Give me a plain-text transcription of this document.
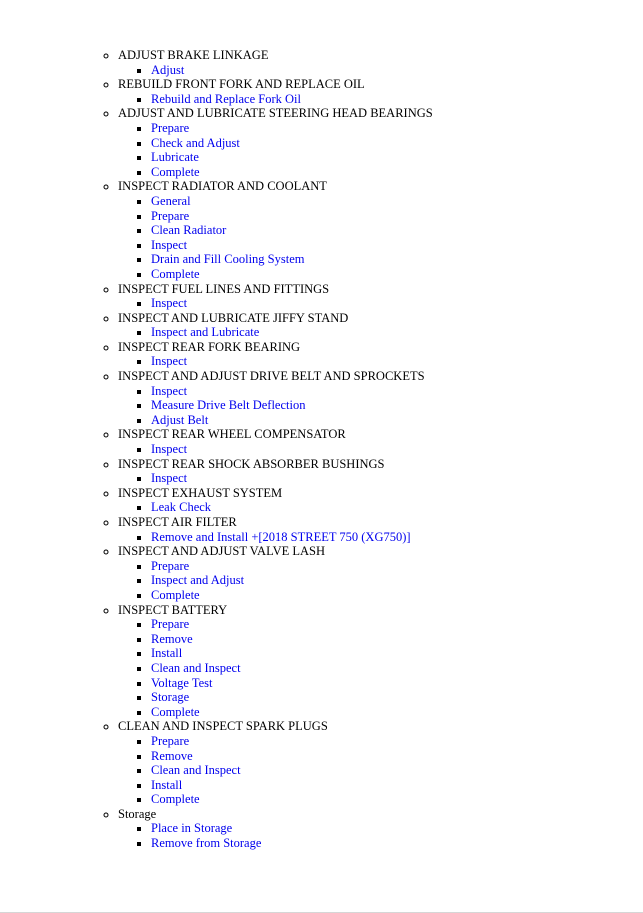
◦ ADJUST BRAKE LINKAGE
▪ Adjust
◦ REBUILD FRONT FORK AND REPLACE OIL
▪ Rebuild and Replace Fork Oil
◦ ADJUST AND LUBRICATE STEERING HEAD BEARINGS
▪ Prepare
▪ Check and Adjust
▪ Lubricate
▪ Complete
◦ INSPECT RADIATOR AND COOLANT
▪ General
▪ Prepare
▪ Clean Radiator
▪ Inspect
▪ Drain and Fill Cooling System
▪ Complete
◦ INSPECT FUEL LINES AND FITTINGS
▪ Inspect
◦ INSPECT AND LUBRICATE JIFFY STAND
▪ Inspect and Lubricate
◦ INSPECT REAR FORK BEARING
▪ Inspect
◦ INSPECT AND ADJUST DRIVE BELT AND SPROCKETS
▪ Inspect
▪ Measure Drive Belt Deflection
▪ Adjust Belt
◦ INSPECT REAR WHEEL COMPENSATOR
▪ Inspect
◦ INSPECT REAR SHOCK ABSORBER BUSHINGS
▪ Inspect
◦ INSPECT EXHAUST SYSTEM
▪ Leak Check
◦ INSPECT AIR FILTER
▪ Remove and Install +[2018 STREET 750 (XG750)]
◦ INSPECT AND ADJUST VALVE LASH
▪ Prepare
▪ Inspect and Adjust
▪ Complete
◦ INSPECT BATTERY
▪ Prepare
▪ Remove
▪ Install
▪ Clean and Inspect
▪ Voltage Test
▪ Storage
▪ Complete
◦ CLEAN AND INSPECT SPARK PLUGS
▪ Prepare
▪ Remove
▪ Clean and Inspect
▪ Install
▪ Complete
◦ Storage
▪ Place in Storage
▪ Remove from Storage
